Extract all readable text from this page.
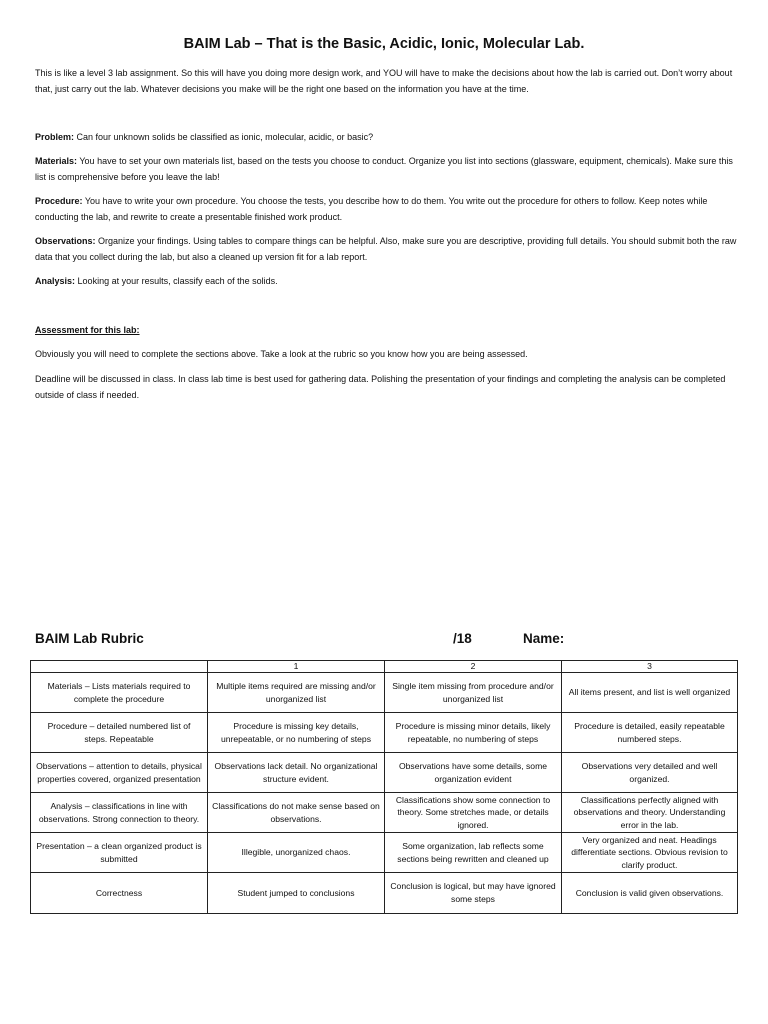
BAIM Lab – That is the Basic, Acidic, Ionic, Molecular Lab.

This is like a level 3 lab assignment. So this will have you doing more design work, and YOU will have to make the decisions about how the lab is carried out. Don’t worry about that, just carry out the lab. Whatever decisions you make will be the right one based on the information you have at the time.

Problem: Can four unknown solids be classified as ionic, molecular, acidic, or basic?

Materials: You have to set your own materials list, based on the tests you choose to conduct. Organize you list into sections (glassware, equipment, chemicals). Make sure this list is comprehensive before you leave the lab!

Procedure: You have to write your own procedure. You choose the tests, you describe how to do them. You write out the procedure for others to follow. Keep notes while conducting the lab, and rewrite to create a presentable finished work product.

Observations: Organize your findings. Using tables to compare things can be helpful. Also, make sure you are descriptive, providing full details. You should submit both the raw data that you collect during the lab, but also a cleaned up version fit for a lab report.

Analysis: Looking at your results, classify each of the solids.

Assessment for this lab:

Obviously you will need to complete the sections above. Take a look at the rubric so you know how you are being assessed.

Deadline will be discussed in class. In class lab time is best used for gathering data. Polishing the presentation of your findings and completing the analysis can be completed outside of class if needed.

BAIM Lab Rubric	/18	Name:
	1	2	3
Materials – Lists materials required to complete the procedure	Multiple items required are missing and/or unorganized list	Single item missing from procedure and/or unorganized list	All items present, and list is well organized
Procedure – detailed numbered list of steps. Repeatable	Procedure is missing key details, unrepeatable, or no numbering of steps	Procedure is missing minor details, likely repeatable, no numbering of steps	Procedure is detailed, easily repeatable numbered steps.
Observations – attention to details, physical properties covered, organized presentation	Observations lack detail. No organizational structure evident.	Observations have some details, some organization evident	Observations very detailed and well organized.
Analysis – classifications in line with observations. Strong connection to theory.	Classifications do not make sense based on observations.	Classifications show some connection to theory. Some stretches made, or details ignored.	Classifications perfectly aligned with observations and theory. Understanding error in the lab.
Presentation – a clean organized product is submitted	Illegible, unorganized chaos.	Some organization, lab reflects some sections being rewritten and cleaned up	Very organized and neat. Headings differentiate sections. Obvious revision to clarify product.
Correctness	Student jumped to conclusions	Conclusion is logical, but may have ignored some steps	Conclusion is valid given observations.
